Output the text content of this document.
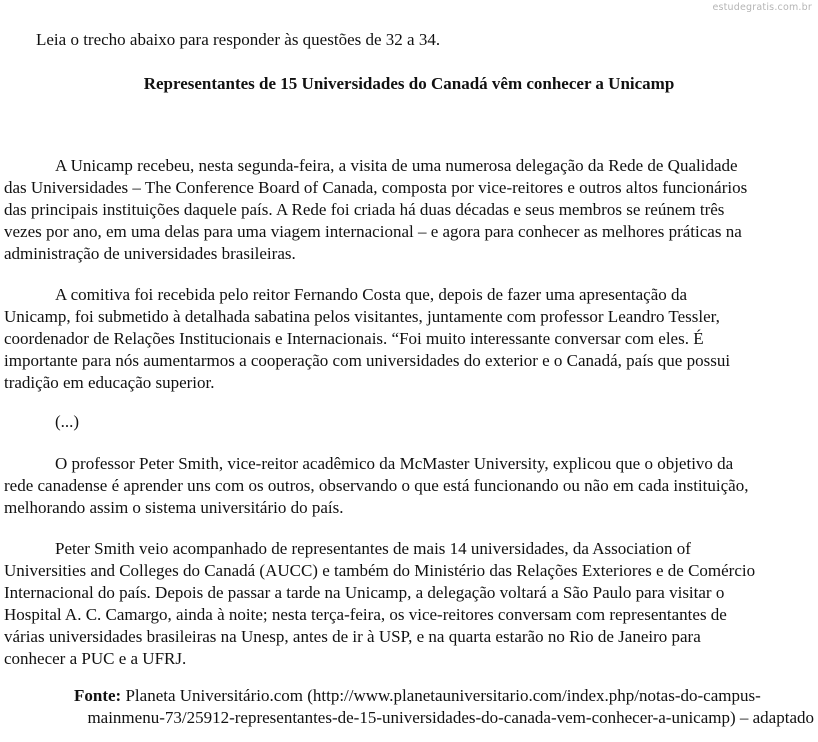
estudegratis.com.br
Leia o trecho abaixo para responder às questões de 32 a 34.
Representantes de 15 Universidades do Canadá vêm conhecer a Unicamp
A Unicamp recebeu, nesta segunda-feira, a visita de uma numerosa delegação da Rede de Qualidade
das Universidades – The Conference Board of Canada, composta por vice-reitores e outros altos funcionários
das principais instituições daquele país. A Rede foi criada há duas décadas e seus membros se reúnem três
vezes por ano, em uma delas para uma viagem internacional – e agora para conhecer as melhores práticas na
administração de universidades brasileiras.
A comitiva foi recebida pelo reitor Fernando Costa que, depois de fazer uma apresentação da
Unicamp, foi submetido à detalhada sabatina pelos visitantes, juntamente com professor Leandro Tessler,
coordenador de Relações Institucionais e Internacionais. “Foi muito interessante conversar com eles. É
importante para nós aumentarmos a cooperação com universidades do exterior e o Canadá, país que possui
tradição em educação superior.
(...)
O professor Peter Smith, vice-reitor acadêmico da McMaster University, explicou que o objetivo da
rede canadense é aprender uns com os outros, observando o que está funcionando ou não em cada instituição,
melhorando assim o sistema universitário do país.
Peter Smith veio acompanhado de representantes de mais 14 universidades, da Association of
Universities and Colleges do Canadá (AUCC) e também do Ministério das Relações Exteriores e de Comércio
Internacional do país. Depois de passar a tarde na Unicamp, a delegação voltará a São Paulo para visitar o
Hospital A. C. Camargo, ainda à noite; nesta terça-feira, os vice-reitores conversam com representantes de
várias universidades brasileiras na Unesp, antes de ir à USP, e na quarta estarão no Rio de Janeiro para
conhecer a PUC e a UFRJ.
Fonte: Planeta Universitário.com (http://www.planetauniversitario.com/index.php/notas-do-campus-
mainmenu-73/25912-representantes-de-15-universidades-do-canada-vem-conhecer-a-unicamp) – adaptado
